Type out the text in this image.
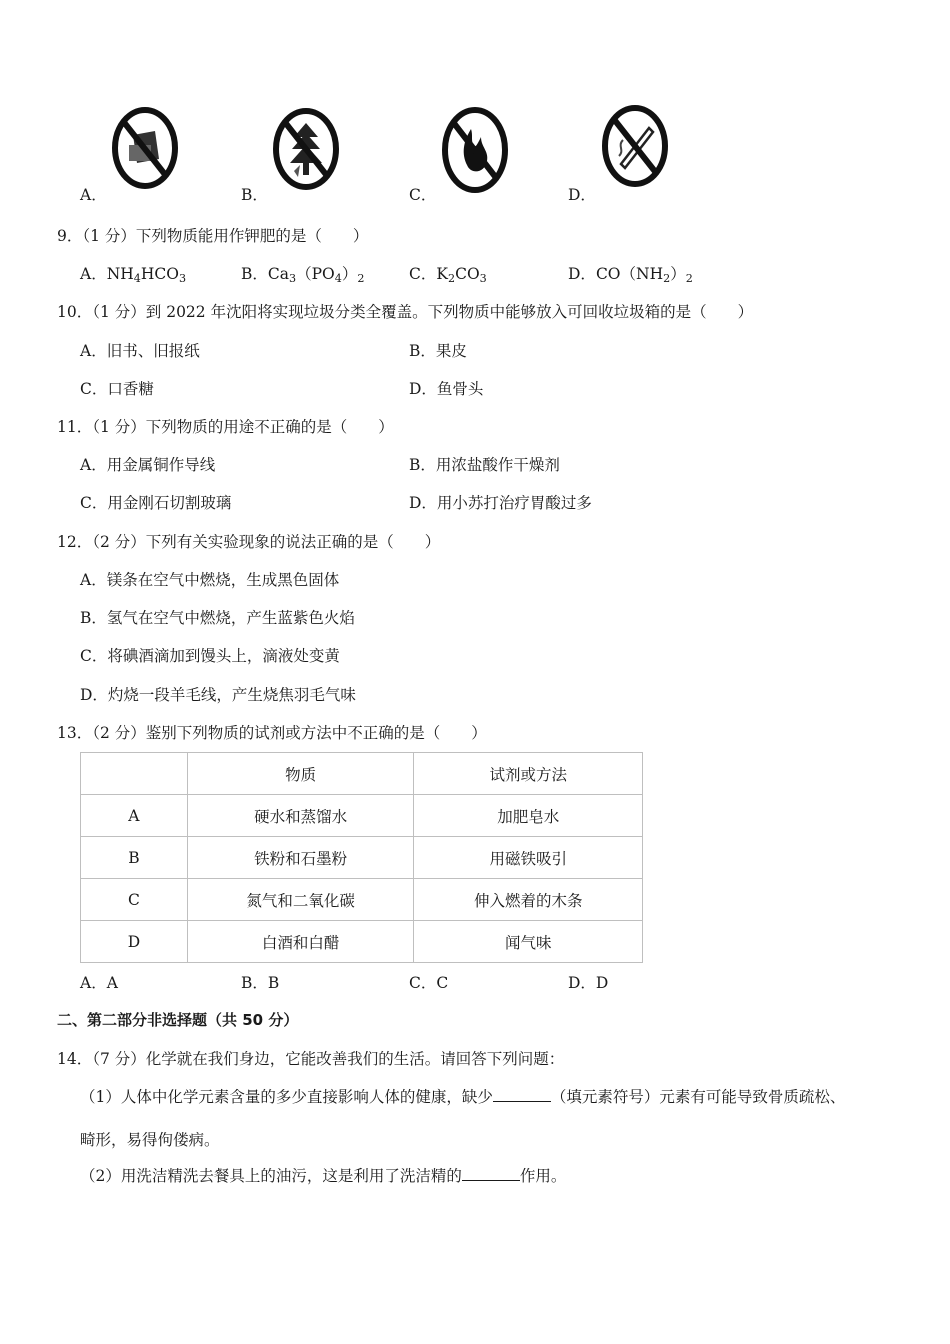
A．	B．	C．	D．
9．（1 分）下列物质能用作钾肥的是（　　）
A．$NH_4HCO_3$	B．$Ca_3(PO_4)_2$	C．$K_2CO_3$	D．$CO(NH_2)_2$
10．（1 分）到 2022 年沈阳将实现垃圾分类全覆盖。下列物质中能够放入可回收垃圾箱的是（　　）
A．旧书、旧报纸	B．果皮
C．口香糖	D．鱼骨头
11．（1 分）下列物质的用途不正确的是（　　）
A．用金属铜作导线	B．用浓盐酸作干燥剂
C．用金刚石切割玻璃	D．用小苏打治疗胃酸过多
12．（2 分）下列有关实验现象的说法正确的是（　　）
A．镁条在空气中燃烧，生成黑色固体
B．氢气在空气中燃烧，产生蓝紫色火焰
C．将碘酒滴加到馒头上，滴液处变黄
D．灼烧一段羊毛线，产生烧焦羽毛气味
13．（2 分）鉴别下列物质的试剂或方法中不正确的是（　　）
	物质	试剂或方法
A	硬水和蒸馏水	加肥皂水
B	铁粉和石墨粉	用磁铁吸引
C	氮气和二氧化碳	伸入燃着的木条
D	白酒和白醋	闻气味
A．A	B．B	C．C	D．D
二、第二部分非选择题（共 50 分）
14．（7 分）化学就在我们身边，它能改善我们的生活。请回答下列问题：
（1）人体中化学元素含量的多少直接影响人体的健康，缺少	（填元素符号）元素有可能导致骨质疏松、
畸形，易得佝偻病。
（2）用洗洁精洗去餐具上的油污，这是利用了洗洁精的	作用。
